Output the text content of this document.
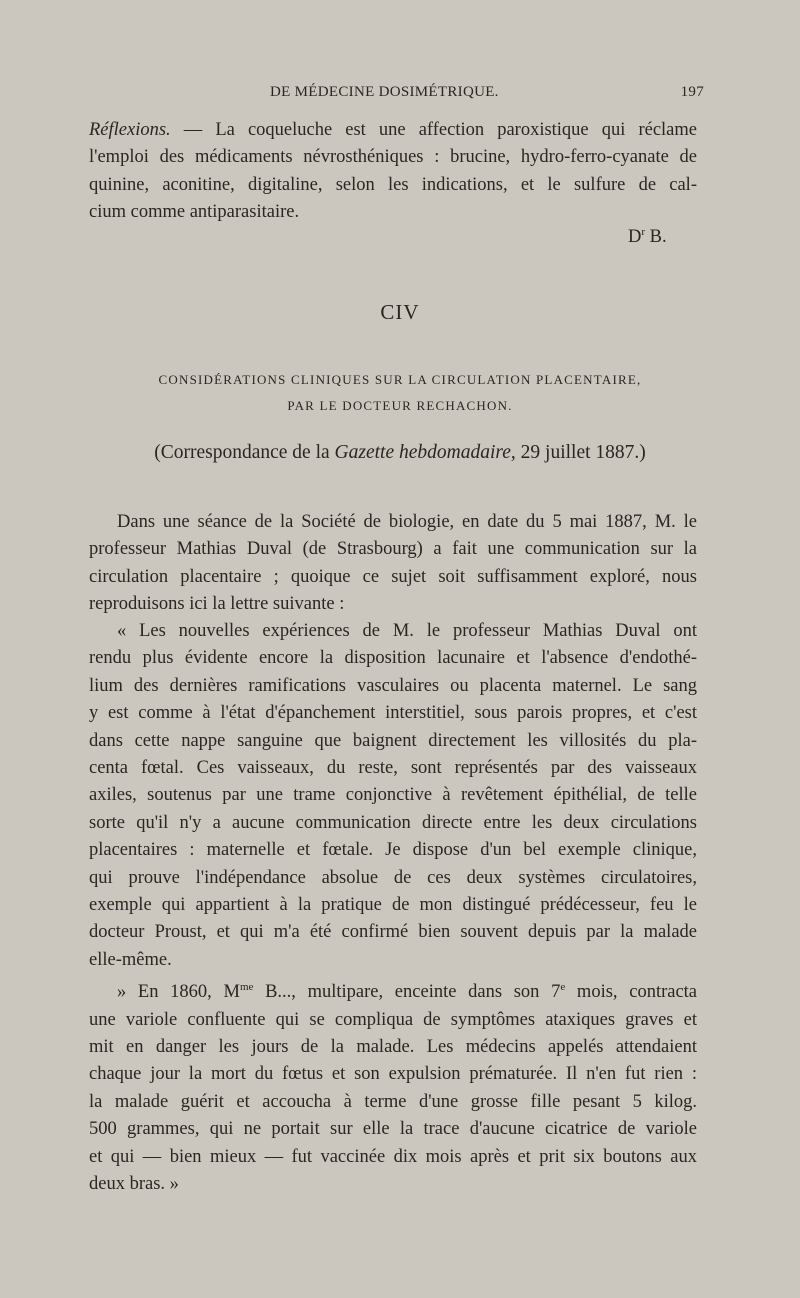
DE MÉDECINE DOSIMÉTRIQUE.	197
Réflexions. — La coqueluche est une affection paroxistique qui réclame
l'emploi des médicaments névrosthéniques : brucine, hydro-ferro-cyanate de
quinine, aconitine, digitaline, selon les indications, et le sulfure de cal-
cium comme antiparasitaire.
$D^r$ B.
CIV
CONSIDÉRATIONS CLINIQUES SUR LA CIRCULATION PLACENTAIRE,
PAR LE DOCTEUR RECHACHON.
(Correspondance de la Gazette hebdomadaire, 29 juillet 1887.)
Dans une séance de la Société de biologie, en date du 5 mai 1887, M. le
professeur Mathias Duval (de Strasbourg) a fait une communication sur la
circulation placentaire ; quoique ce sujet soit suffisamment exploré, nous
reproduisons ici la lettre suivante :
« Les nouvelles expériences de M. le professeur Mathias Duval ont
rendu plus évidente encore la disposition lacunaire et l'absence d'endothé-
lium des dernières ramifications vasculaires ou placenta maternel. Le sang
y est comme à l'état d'épanchement interstitiel, sous parois propres, et c'est
dans cette nappe sanguine que baignent directement les villosités du pla-
centa fœtal. Ces vaisseaux, du reste, sont représentés par des vaisseaux
axiles, soutenus par une trame conjonctive à revêtement épithélial, de telle
sorte qu'il n'y a aucune communication directe entre les deux circulations
placentaires : maternelle et fœtale. Je dispose d'un bel exemple clinique,
qui prouve l'indépendance absolue de ces deux systèmes circulatoires,
exemple qui appartient à la pratique de mon distingué prédécesseur, feu le
docteur Proust, et qui m'a été confirmé bien souvent depuis par la malade
elle-même.
» En 1860, $M^{me}$ B..., multipare, enceinte dans son 7e mois, contracta
une variole confluente qui se compliqua de symptômes ataxiques graves et
mit en danger les jours de la malade. Les médecins appelés attendaient
chaque jour la mort du fœtus et son expulsion prématurée. Il n'en fut rien :
la malade guérit et accoucha à terme d'une grosse fille pesant 5 kilog.
500 grammes, qui ne portait sur elle la trace d'aucune cicatrice de variole
et qui — bien mieux — fut vaccinée dix mois après et prit six boutons aux
deux bras. »
